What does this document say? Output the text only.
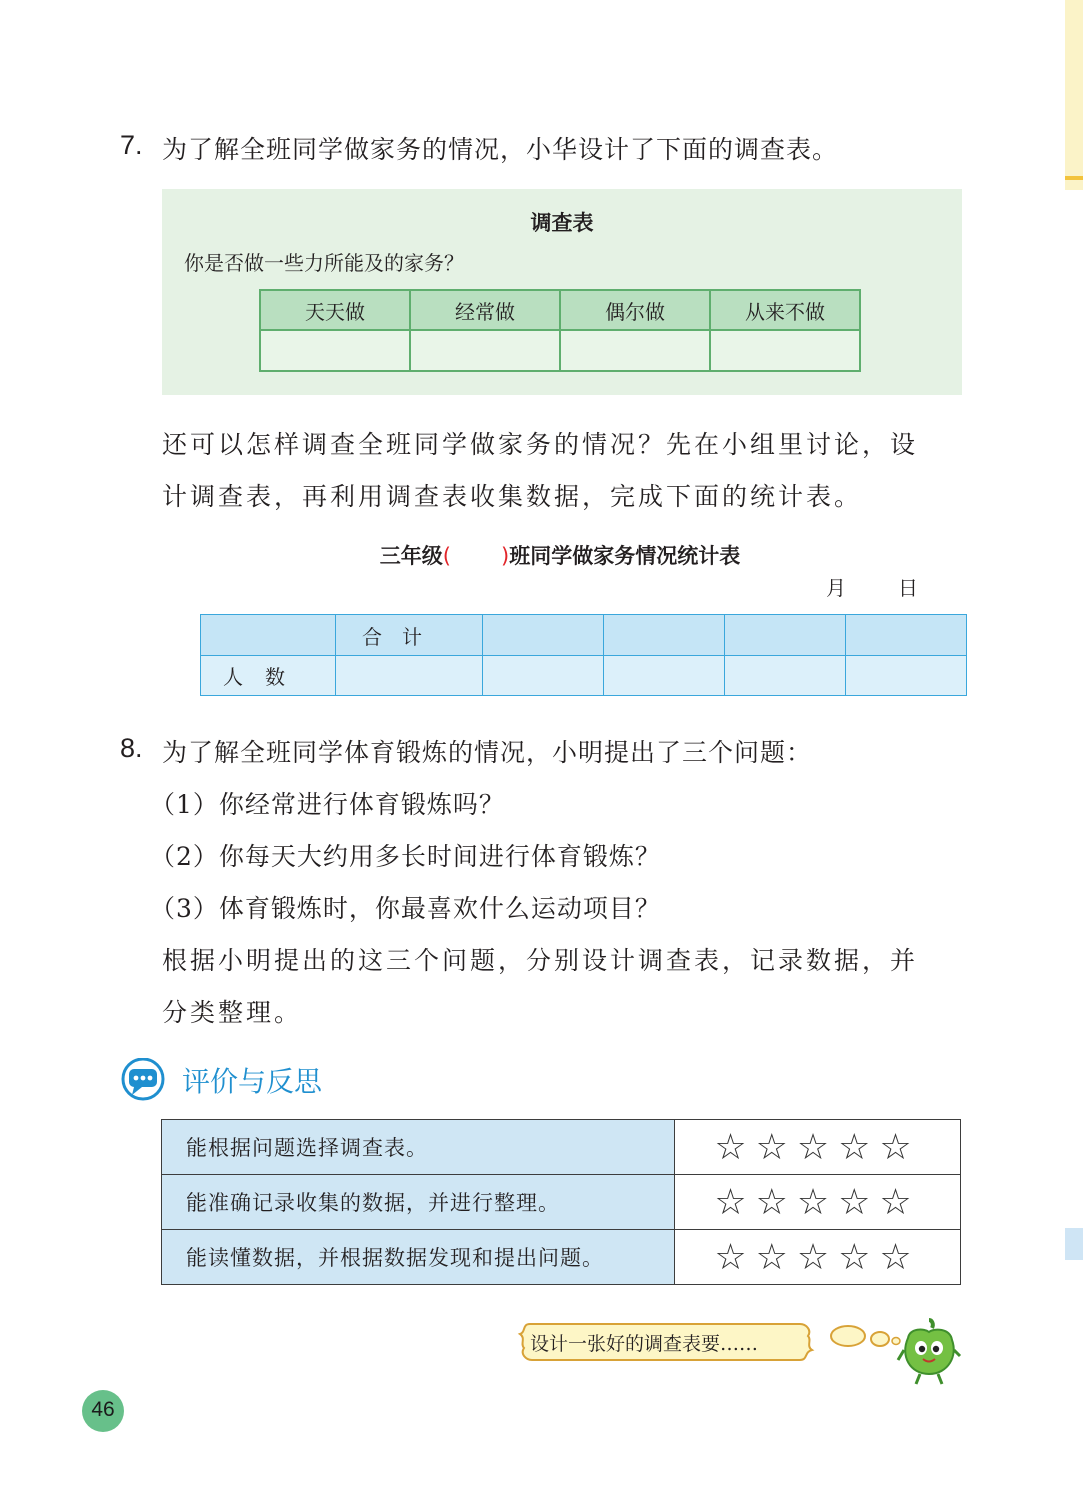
7. 为了解全班同学做家务的情况，小华设计了下面的调查表。
调查表
你是否做一些力所能及的家务？
天天做	经常做	偶尔做	从来不做

还可以怎样调查全班同学做家务的情况？先在小组里讨论，设
计调查表，再利用调查表收集数据，完成下面的统计表。
三年级( )班同学做家务情况统计表
月	日
	合计				
人数					
8. 为了解全班同学体育锻炼的情况，小明提出了三个问题：
（1）你经常进行体育锻炼吗？
（2）你每天大约用多长时间进行体育锻炼？
（3）体育锻炼时，你最喜欢什么运动项目？
根据小明提出的这三个问题，分别设计调查表，记录数据，并
分类整理。
评价与反思
能根据问题选择调查表。	☆☆☆☆☆
能准确记录收集的数据，并进行整理。	☆☆☆☆☆
能读懂数据，并根据数据发现和提出问题。	☆☆☆☆☆
设计一张好的调查表要……
46
